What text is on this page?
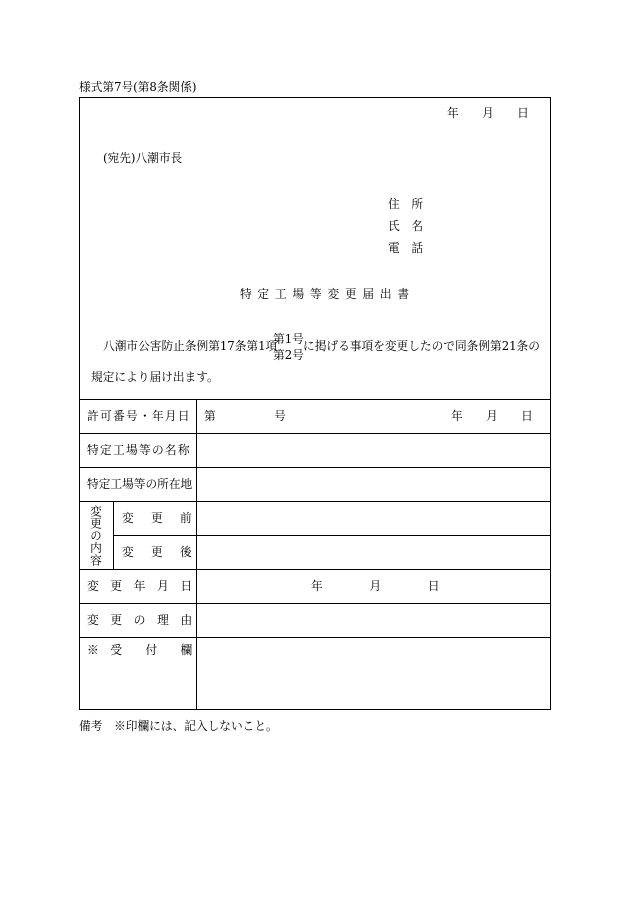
様式第7号(第8条関係)
年　　月　　日
(宛先)八潮市長
住　所
氏　名
電　話
特定工場等変更届出書
八潮市公害防止条例第17条第1項
第1号
第2号
に掲げる事項を変更したので同条例第21条の
規定により届け出ます。
許可番号・年月日 第　　　　　号	年　　月　　日
特定工場等の名称
特定工場等の所在地
変更の内容 変　更　前
変　更　後
変　更　年　月　日	年　　　　月　　　　日
変　更　の　理　由
※　受　　付　　欄
備考　※印欄には、記入しないこと。
